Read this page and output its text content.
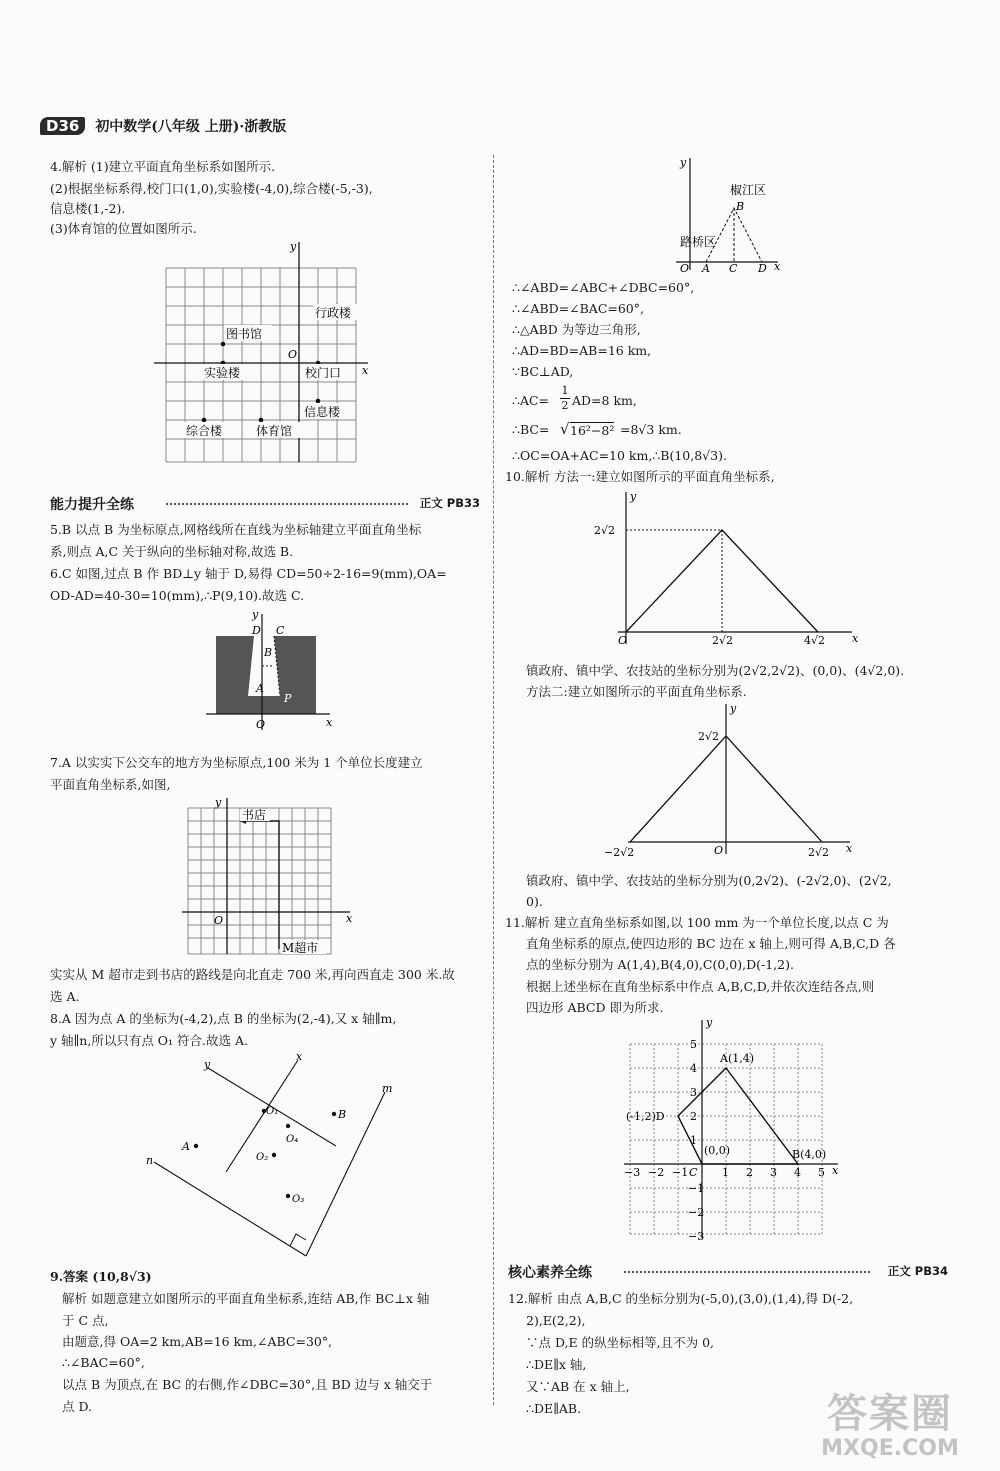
D36 初中数学(八年级 上册)·浙教版
4.解析 (1)建立平面直角坐标系如图所示.
(2)根据坐标系得,校门口(1,0),实验楼(-4,0),综合楼(-5,-3),
信息楼(1,-2).
(3)体育馆的位置如图所示.
y
x
O
图书馆
行政楼
实验楼	校门口
信息楼
综合楼	体育馆
能力提升全练	正文 PB33
5.B 以点 B 为坐标原点,网格线所在直线为坐标轴建立平面直角坐标
系,则点 A,C 关于纵向的坐标轴对称,故选 B.
6.C 如图,过点 B 作 BD⊥y 轴于 D,易得 CD=50÷2-16=9(mm),OA=
OD-AD=40-30=10(mm),∴P(9,10).故选 C.
y
x
O
D C
B
A
P
7.A 以实实下公交车的地方为坐标原点,100 米为 1 个单位长度建立
平面直角坐标系,如图,
y
x
O
书店
M超市
实实从 M 超市走到书店的路线是向北直走 700 米,再向西直走 300 米.故
选 A.
8.A 因为点 A 的坐标为(-4,2),点 B 的坐标为(2,-4),又 x 轴∥m,
y 轴∥n,所以只有点 O₁ 符合.故选 A.
x
y
m
n
O₁
O₄
B
A
O₂
O₃
9.答案 (10,8√3)
解析 如题意建立如图所示的平面直角坐标系,连结 AB,作 BC⊥x 轴
于 C 点,
由题意,得 OA=2 km,AB=16 km,∠ABC=30°,
∴∠BAC=60°,
以点 B 为顶点,在 BC 的右侧,作∠DBC=30°,且 BD 边与 x 轴交于
点 D.
y
x
椒江区
B
路桥区
O A C D
∴∠ABD=∠ABC+∠DBC=60°,
∴∠ABD=∠BAC=60°,
∴△ABD 为等边三角形,
∴AD=BD=AB=16 km,
∵BC⊥AD,
∴AC=
1
2 AD=8 km,
∴BC= √ 16²−8² =8√3 km.
∴OC=OA+AC=10 km,∴B(10,8√3).
10.解析 方法一:建立如图所示的平面直角坐标系,
y
x
O
2√2
2√2	4√2
镇政府、镇中学、农技站的坐标分别为(2√2,2√2)、(0,0)、(4√2,0).
方法二:建立如图所示的平面直角坐标系.
y
x
O
2√2
−2√2	2√2
镇政府、镇中学、农技站的坐标分别为(0,2√2)、(-2√2,0)、(2√2,
0).
11.解析 建立直角坐标系如图,以 100 mm 为一个单位长度,以点 C 为
直角坐标系的原点,使四边形的 BC 边在 x 轴上,则可得 A,B,C,D 各
点的坐标分别为 A(1,4),B(4,0),C(0,0),D(-1,2).
根据上述坐标在直角坐标系中作点 A,B,C,D,并依次连结各点,则
四边形 ABCD 即为所求.
y
x
A(1,4)
B(4,0)
C
(0,0)
(-1,2)D
−3 −2 −1	1 2 3 4 5
5
4
3
2
1
−1
−2
−3
核心素养全练	正文 PB34
12.解析 由点 A,B,C 的坐标分别为(-5,0),(3,0),(1,4),得 D(-2,
2),E(2,2),
∵点 D,E 的纵坐标相等,且不为 0,
∴DE∥x 轴,
又∵AB 在 x 轴上,
∴DE∥AB.	答案圈
MXQE.COM
